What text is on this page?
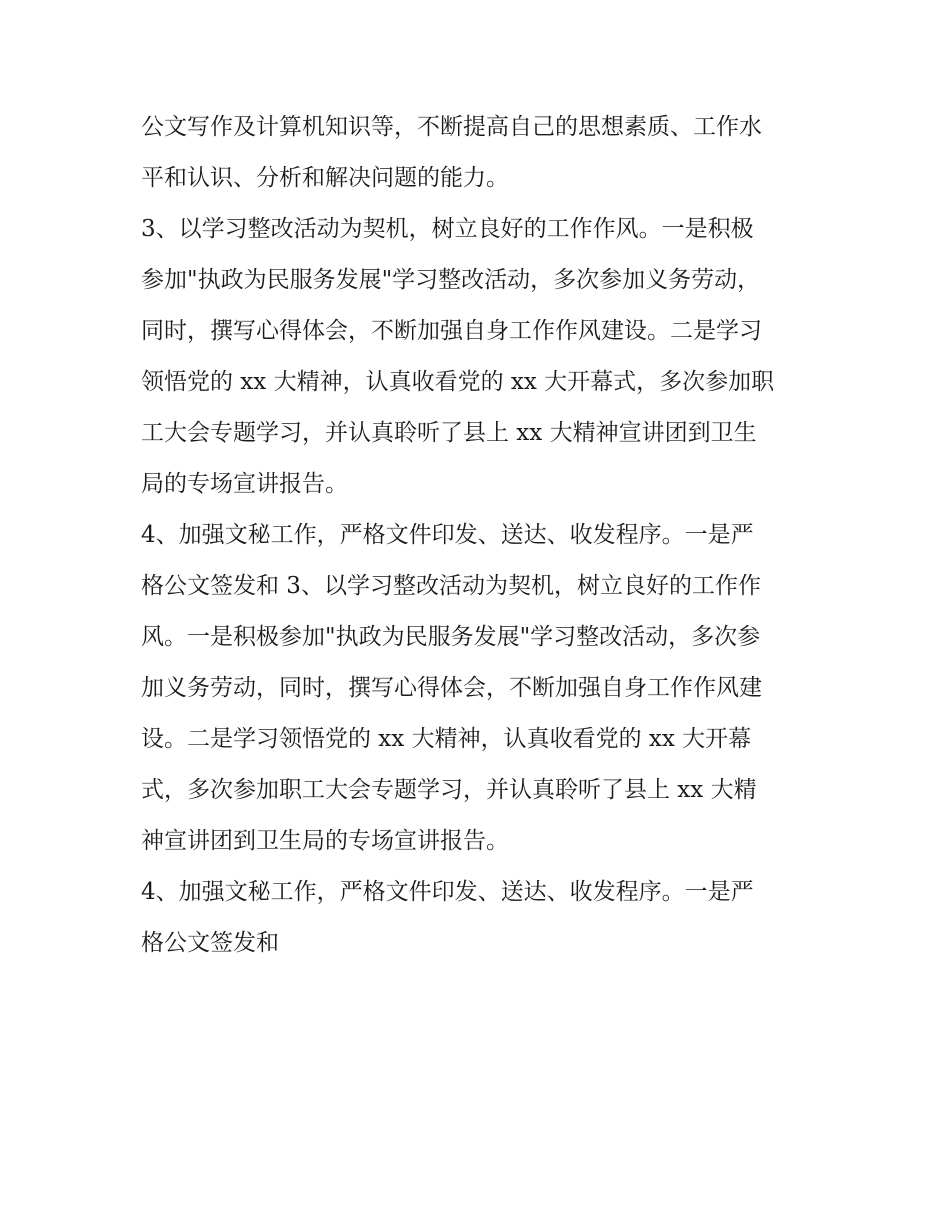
公文写作及计算机知识等，不断提高自己的思想素质、工作水
平和认识、分析和解决问题的能力。
3、以学习整改活动为契机，树立良好的工作作风。一是积极
参加"执政为民服务发展"学习整改活动，多次参加义务劳动，
同时，撰写心得体会，不断加强自身工作作风建设。二是学习
领悟党的 xx 大精神，认真收看党的 xx 大开幕式，多次参加职
工大会专题学习，并认真聆听了县上 xx 大精神宣讲团到卫生
局的专场宣讲报告。
4、加强文秘工作，严格文件印发、送达、收发程序。一是严
格公文签发和 3、以学习整改活动为契机，树立良好的工作作
风。一是积极参加"执政为民服务发展"学习整改活动，多次参
加义务劳动，同时，撰写心得体会，不断加强自身工作作风建
设。二是学习领悟党的 xx 大精神，认真收看党的 xx 大开幕
式，多次参加职工大会专题学习，并认真聆听了县上 xx 大精
神宣讲团到卫生局的专场宣讲报告。
4、加强文秘工作，严格文件印发、送达、收发程序。一是严
格公文签发和
